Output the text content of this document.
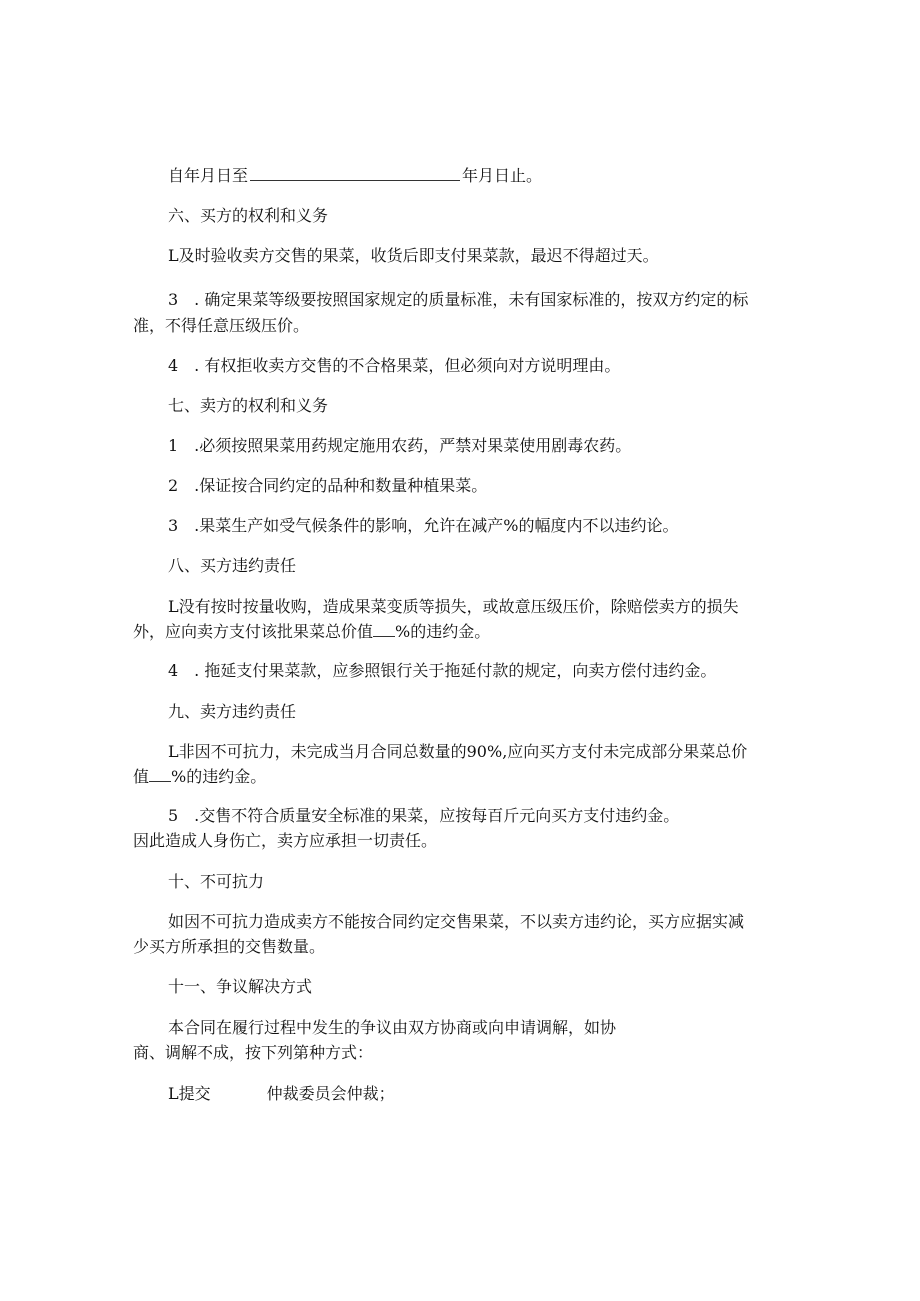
自年月日至	年月日止。
六、买方的权利和义务
L及时验收卖方交售的果菜，收货后即支付果菜款，最迟不得超过天。
3　. 确定果菜等级要按照国家规定的质量标准，未有国家标准的，按双方约定的标
准，不得任意压级压价。
4　. 有权拒收卖方交售的不合格果菜，但必须向对方说明理由。
七、卖方的权利和义务
1　.必须按照果菜用药规定施用农药，严禁对果菜使用剧毒农药。
2　.保证按合同约定的品种和数量种植果菜。
3　.果菜生产如受气候条件的影响，允许在减产%的幅度内不以违约论。
八、买方违约责任
L没有按时按量收购，造成果菜变质等损失，或故意压级压价，除赔偿卖方的损失
外，应向卖方支付该批果菜总价值 %的违约金。
4　. 拖延支付果菜款，应参照银行关于拖延付款的规定，向卖方偿付违约金。
九、卖方违约责任
L非因不可抗力，未完成当月合同总数量的90%,应向买方支付未完成部分果菜总价
值 %的违约金。
5　.交售不符合质量安全标准的果菜，应按每百斤元向买方支付违约金。
因此造成人身伤亡，卖方应承担一切责任。
十、不可抗力
如因不可抗力造成卖方不能按合同约定交售果菜，不以卖方违约论，买方应据实减
少买方所承担的交售数量。
十一、争议解决方式
本合同在履行过程中发生的争议由双方协商或向申请调解，如协
商、调解不成，按下列第种方式：
L提交	仲裁委员会仲裁；
